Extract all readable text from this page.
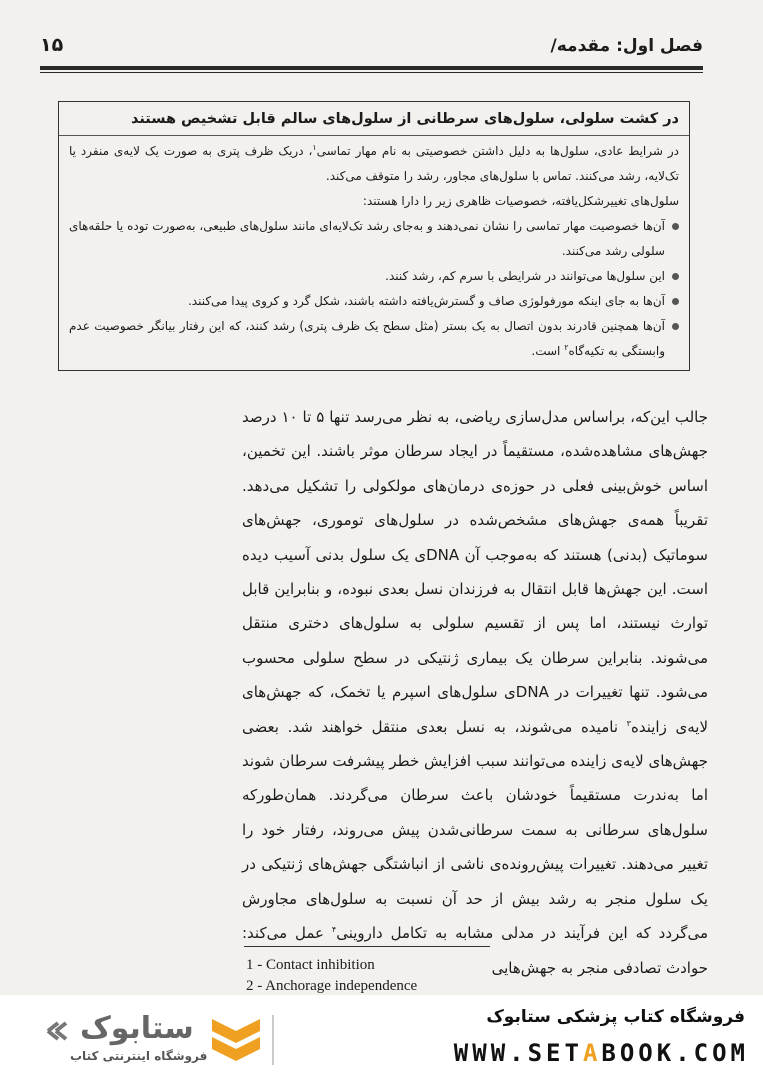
فصل اول: مقدمه/
۱۵
در کشت سلولی، سلول‌های سرطانی از سلول‌های سالم قابل تشخیص هستند

در شرایط عادی، سلول‌ها به دلیل داشتن خصوصیتی به نام مهار تماسی$^۱$، دریک ظرف پتری به صورت یک لایه‌ی منفرد یا تک‌لایه، رشد می‌کنند. تماس با سلول‌های مجاور، رشد را متوقف می‌کند.

سلول‌های تغییرشکل‌یافته، خصوصیات ظاهری زیر را دارا هستند:

آن‌ها خصوصیت مهار تماسی را نشان نمی‌دهند و به‌جای رشد تک‌لایه‌ای مانند سلول‌های طبیعی، به‌صورت توده یا حلقه‌های سلولی رشد می‌کنند.
این سلول‌ها می‌توانند در شرایطی با سرم کم، رشد کنند.
آن‌ها به جای اینکه مورفولوژی صاف و گسترش‌یافته داشته باشند، شکل گرد و کروی پیدا می‌کنند.
آن‌ها همچنین قادرند بدون اتصال به یک بستر (مثل سطح یک ظرف پتری) رشد کنند، که این رفتار بیانگر خصوصیت عدم وابستگی به تکیه‌گاه$^۲$ است.

جالب این‌که، براساس مدل‌سازی ریاضی، به نظر می‌رسد تنها ۵ تا ۱۰ درصد جهش‌های مشاهده‌شده، مستقیماً در ایجاد سرطان موثر باشند. این تخمین، اساس خوش‌بینی فعلی در حوزه‌ی درمان‌های مولکولی را تشکیل می‌دهد. تقریباً همه‌ی جهش‌های مشخص‌شده در سلول‌های توموری، جهش‌های سوماتیک (بدنی) هستند که به‌موجب آن DNAی یک سلول بدنی آسیب دیده است. این جهش‌ها قابل انتقال به فرزندان نسل بعدی نبوده، و بنابراین قابل توارث نیستند، اما پس از تقسیم سلولی به سلول‌های دختری منتقل می‌شوند. بنابراین سرطان یک بیماری ژنتیکی در سطح سلولی محسوب می‌شود. تنها تغییرات در DNAی سلول‌های اسپرم یا تخمک، که جهش‌های لایه‌ی زاینده$^۳$ نامیده می‌شوند، به نسل بعدی منتقل خواهند شد. بعضی جهش‌های لایه‌ی زاینده می‌توانند سبب افزایش خطر پیشرفت سرطان شوند اما به‌ندرت مستقیماً خودشان باعث سرطان می‌گردند. همان‌طورکه سلول‌های سرطانی به سمت سرطانی‌شدن پیش می‌روند، رفتار خود را تغییر می‌دهند. تغییرات پیش‌رونده‌ی ناشی از انباشتگی جهش‌های ژنتیکی در یک سلول منجر به رشد بیش از حد آن نسبت به سلول‌های مجاورش می‌گردد که این فرآیند در مدلی مشابه به تکامل داروینی$^۴$ عمل می‌کند: حوادث تصادفی منجر به جهش‌هایی

1 - Contact inhibition
2 - Anchorage independence
ستابوک
فروشگاه اینترنتی کتاب
فروشگاه کتاب پزشکی ستابوک
WWW.SETABOOK.COM
